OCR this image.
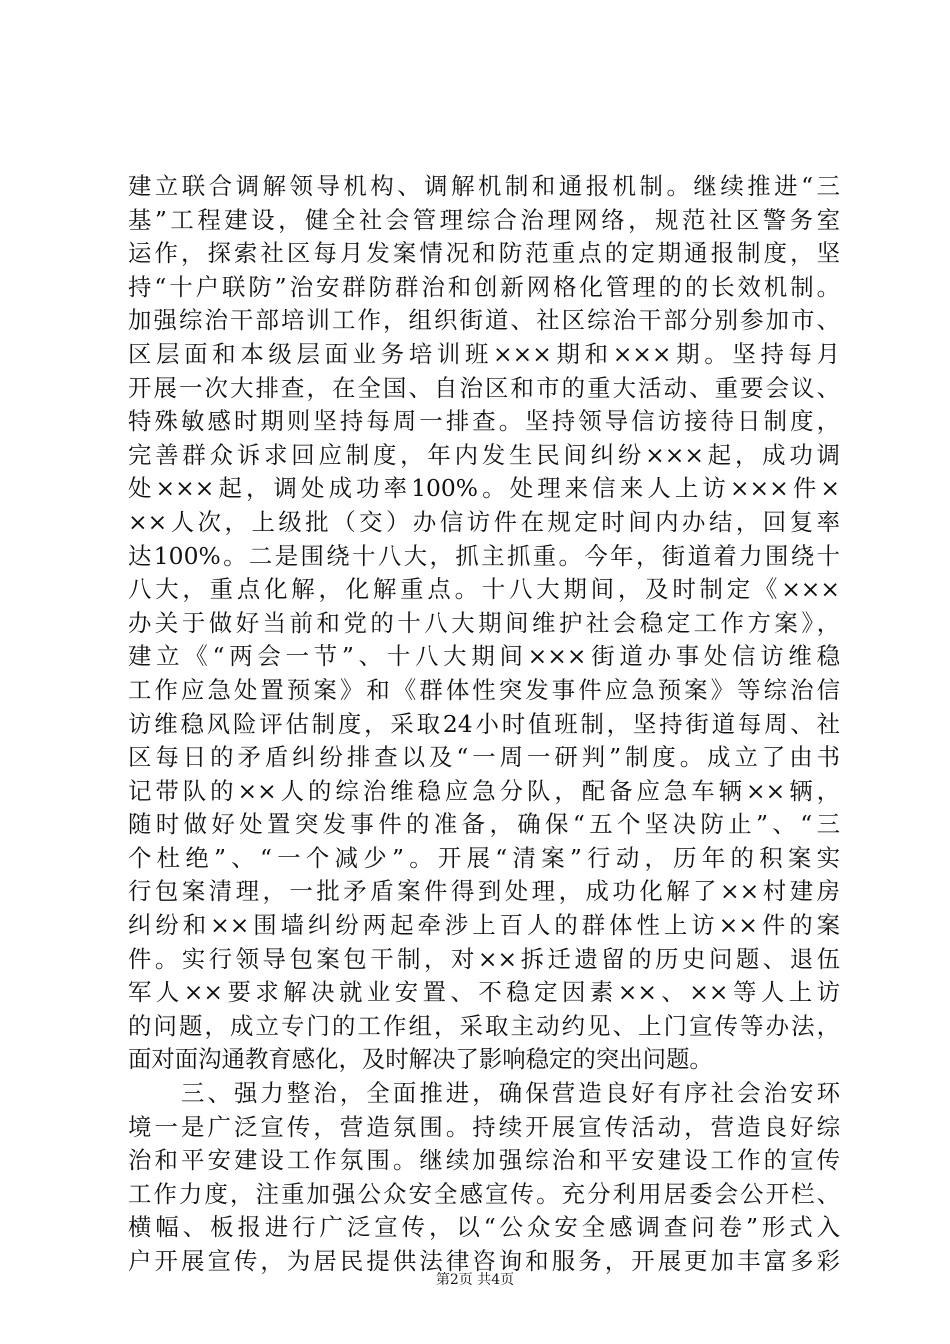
建立联合调解领导机构、调解机制和通报机制。继续推进“三
基”工程建设，健全社会管理综合治理网络，规范社区警务室
运作，探索社区每月发案情况和防范重点的定期通报制度，坚
持“十户联防”治安群防群治和创新网格化管理的的长效机制。
加强综治干部培训工作，组织街道、社区综治干部分别参加市、
区层面和本级层面业务培训班×××期和×××期。坚持每月
开展一次大排查，在全国、自治区和市的重大活动、重要会议、
特殊敏感时期则坚持每周一排查。坚持领导信访接待日制度，
完善群众诉求回应制度，年内发生民间纠纷×××起，成功调
处×××起，调处成功率100%。处理来信来人上访×××件×
××人次，上级批（交）办信访件在规定时间内办结，回复率
达100%。二是围绕十八大，抓主抓重。今年，街道着力围绕十
八大，重点化解，化解重点。十八大期间，及时制定《×××
办关于做好当前和党的十八大期间维护社会稳定工作方案》，
建立《“两会一节”、十八大期间×××街道办事处信访维稳
工作应急处置预案》和《群体性突发事件应急预案》等综治信
访维稳风险评估制度，采取24小时值班制，坚持街道每周、社
区每日的矛盾纠纷排查以及“一周一研判”制度。成立了由书
记带队的××人的综治维稳应急分队，配备应急车辆××辆，
随时做好处置突发事件的准备，确保“五个坚决防止”、“三
个杜绝”、“一个减少”。开展“清案”行动，历年的积案实
行包案清理，一批矛盾案件得到处理，成功化解了××村建房
纠纷和××围墙纠纷两起牵涉上百人的群体性上访××件的案
件。实行领导包案包干制，对××拆迁遗留的历史问题、退伍
军人××要求解决就业安置、不稳定因素××、××等人上访
的问题，成立专门的工作组，采取主动约见、上门宣传等办法，
面对面沟通教育感化，及时解决了影响稳定的突出问题。
　　三、强力整治，全面推进，确保营造良好有序社会治安环
境一是广泛宣传，营造氛围。持续开展宣传活动，营造良好综
治和平安建设工作氛围。继续加强综治和平安建设工作的宣传
工作力度，注重加强公众安全感宣传。充分利用居委会公开栏、
横幅、板报进行广泛宣传，以“公众安全感调查问卷”形式入
户开展宣传，为居民提供法律咨询和服务，开展更加丰富多彩
第2页 共4页
